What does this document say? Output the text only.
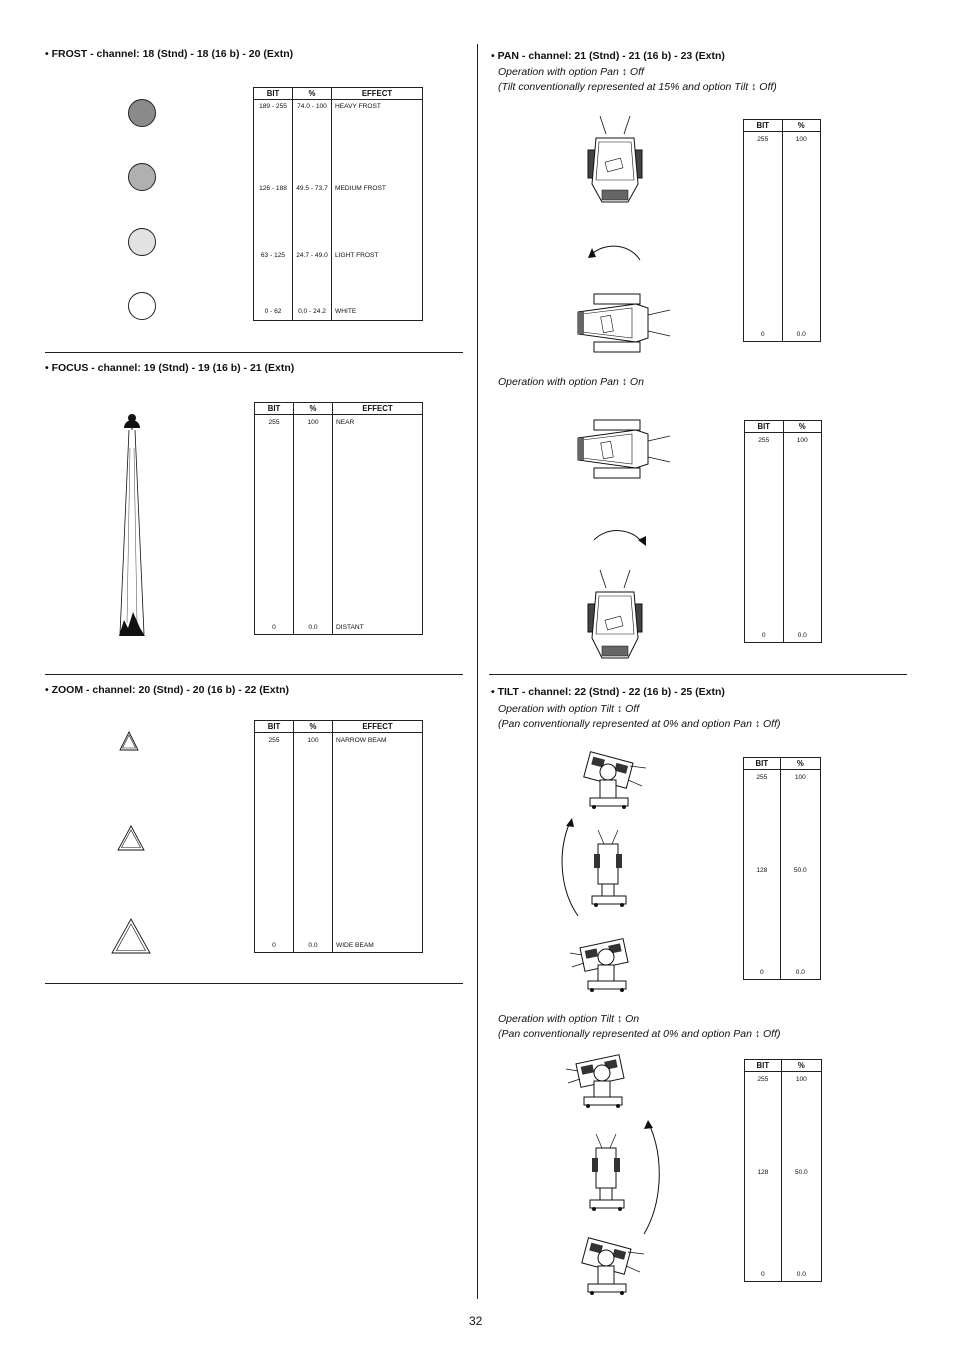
• FROST - channel: 18 (Stnd) - 18 (16 b) - 20 (Extn)
BIT	%	EFFECT
189 - 255	74.0 - 100	HEAVY FROST
126 - 188	49.5 - 73.7	MEDIUM FROST
63 - 125	24.7 - 49.0	LIGHT FROST
0 - 62	0.0 - 24.2	WHITE
• FOCUS - channel: 19 (Stnd) - 19 (16 b) - 21 (Extn)
BIT	%	EFFECT
255	100	NEAR

0	0.0	DISTANT
• ZOOM - channel: 20 (Stnd) - 20 (16 b) - 22 (Extn)
BIT	%	EFFECT
255	100	NARROW BEAM

0	0.0	WIDE BEAM
• PAN - channel: 21 (Stnd) - 21 (16 b) - 23 (Extn)
Operation with option Pan ↕ Off
(Tilt conventionally represented at 15% and option Tilt ↕ Off)
BIT	%
255	100

0	0.0
Operation with option Pan ↕ On
BIT	%
255	100

0	0.0
• TILT - channel: 22 (Stnd) - 22 (16 b) - 25 (Extn)
Operation with option Tilt ↕ Off
(Pan conventionally represented at 0% and option Pan ↕ Off)
BIT	%
255	100

128	50.0

0	0.0
Operation with option Tilt ↕ On
(Pan conventionally represented at 0% and option Pan ↕ Off)
BIT	%
255	100

128	50.0

0	0.0
32
